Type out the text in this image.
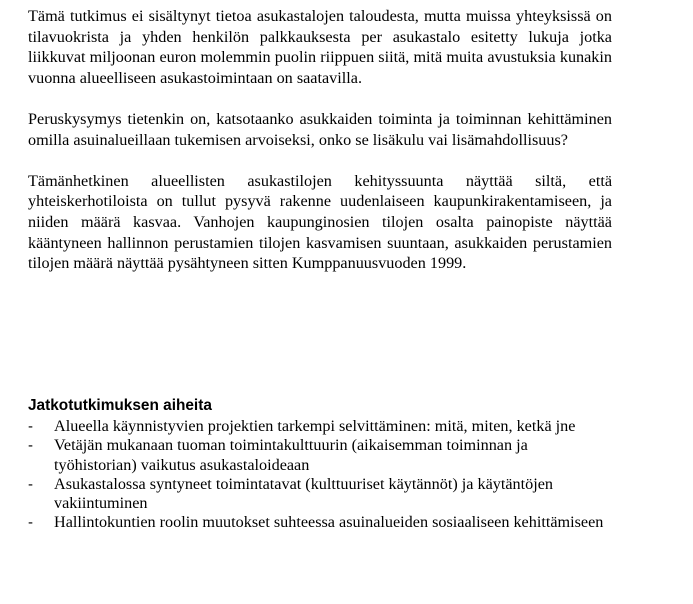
Tämä tutkimus ei sisältynyt tietoa asukastalojen taloudesta, mutta muissa yhteyksissä on tilavuokrista ja yhden henkilön palkkauksesta per asukastalo esitetty lukuja jotka liikkuvat miljoonan euron molemmin puolin riippuen siitä, mitä muita avustuksia kunakin vuonna alueelliseen asukastoimintaan on saatavilla.

Peruskysymys tietenkin on, katsotaanko asukkaiden toiminta ja toiminnan kehittäminen omilla asuinalueillaan tukemisen arvoiseksi, onko se lisäkulu vai lisämahdollisuus?

Tämänhetkinen alueellisten asukastilojen kehityssuunta näyttää siltä, että yhteiskerhotiloista on tullut pysyvä rakenne uudenlaiseen kaupunkirakentamiseen, ja niiden määrä kasvaa. Vanhojen kaupunginosien tilojen osalta painopiste näyttää kääntyneen hallinnon perustamien tilojen kasvamisen suuntaan, asukkaiden perustamien tilojen määrä näyttää pysähtyneen sitten Kumppanuusvuoden 1999.

Jatkotutkimuksen aiheita
- Alueella käynnistyvien projektien tarkempi selvittäminen: mitä, miten, ketkä jne
- Vetäjän mukanaan tuoman toimintakulttuurin (aikaisemman toiminnan ja työhistorian) vaikutus asukastaloideaan
- Asukastalossa syntyneet toimintatavat (kulttuuriset käytännöt) ja käytäntöjen vakiintuminen
- Hallintokuntien roolin muutokset suhteessa asuinalueiden sosiaaliseen kehittämiseen
